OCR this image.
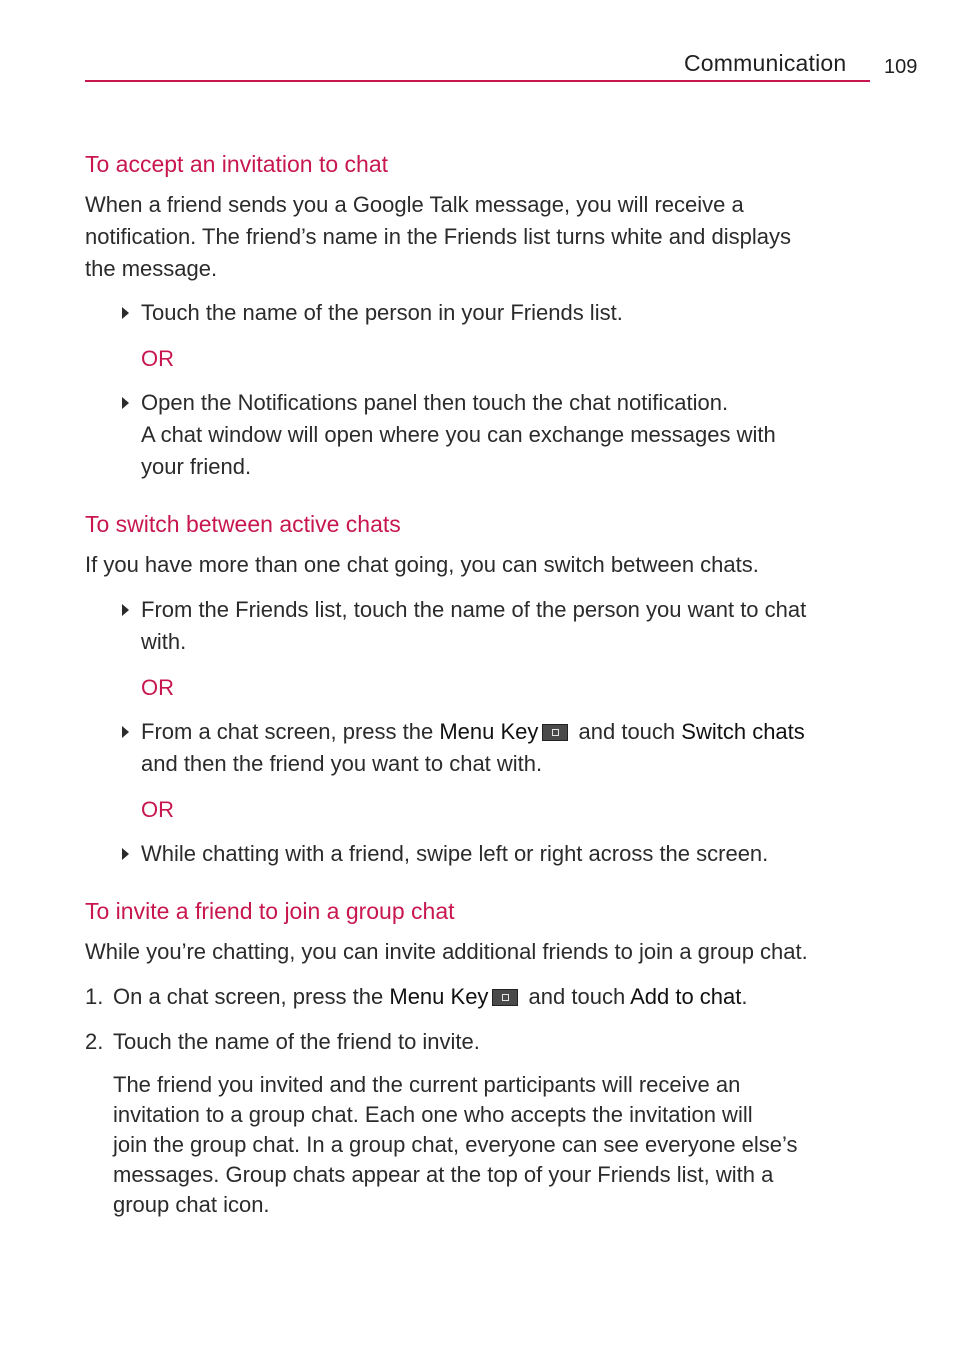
Communication 109
To accept an invitation to chat
When a friend sends you a Google Talk message, you will receive a
notification. The friend’s name in the Friends list turns white and displays
the message.
Touch the name of the person in your Friends list.
OR
Open the Notifications panel then touch the chat notification.
A chat window will open where you can exchange messages with
your friend.
To switch between active chats
If you have more than one chat going, you can switch between chats.
From the Friends list, touch the name of the person you want to chat
with.
OR
From a chat screen, press the Menu Key and touch Switch chats
and then the friend you want to chat with.
OR
While chatting with a friend, swipe left or right across the screen.
To invite a friend to join a group chat
While you’re chatting, you can invite additional friends to join a group chat.
1. On a chat screen, press the Menu Key and touch Add to chat.
2. Touch the name of the friend to invite.
The friend you invited and the current participants will receive an
invitation to a group chat. Each one who accepts the invitation will
join the group chat. In a group chat, everyone can see everyone else’s
messages. Group chats appear at the top of your Friends list, with a
group chat icon.
